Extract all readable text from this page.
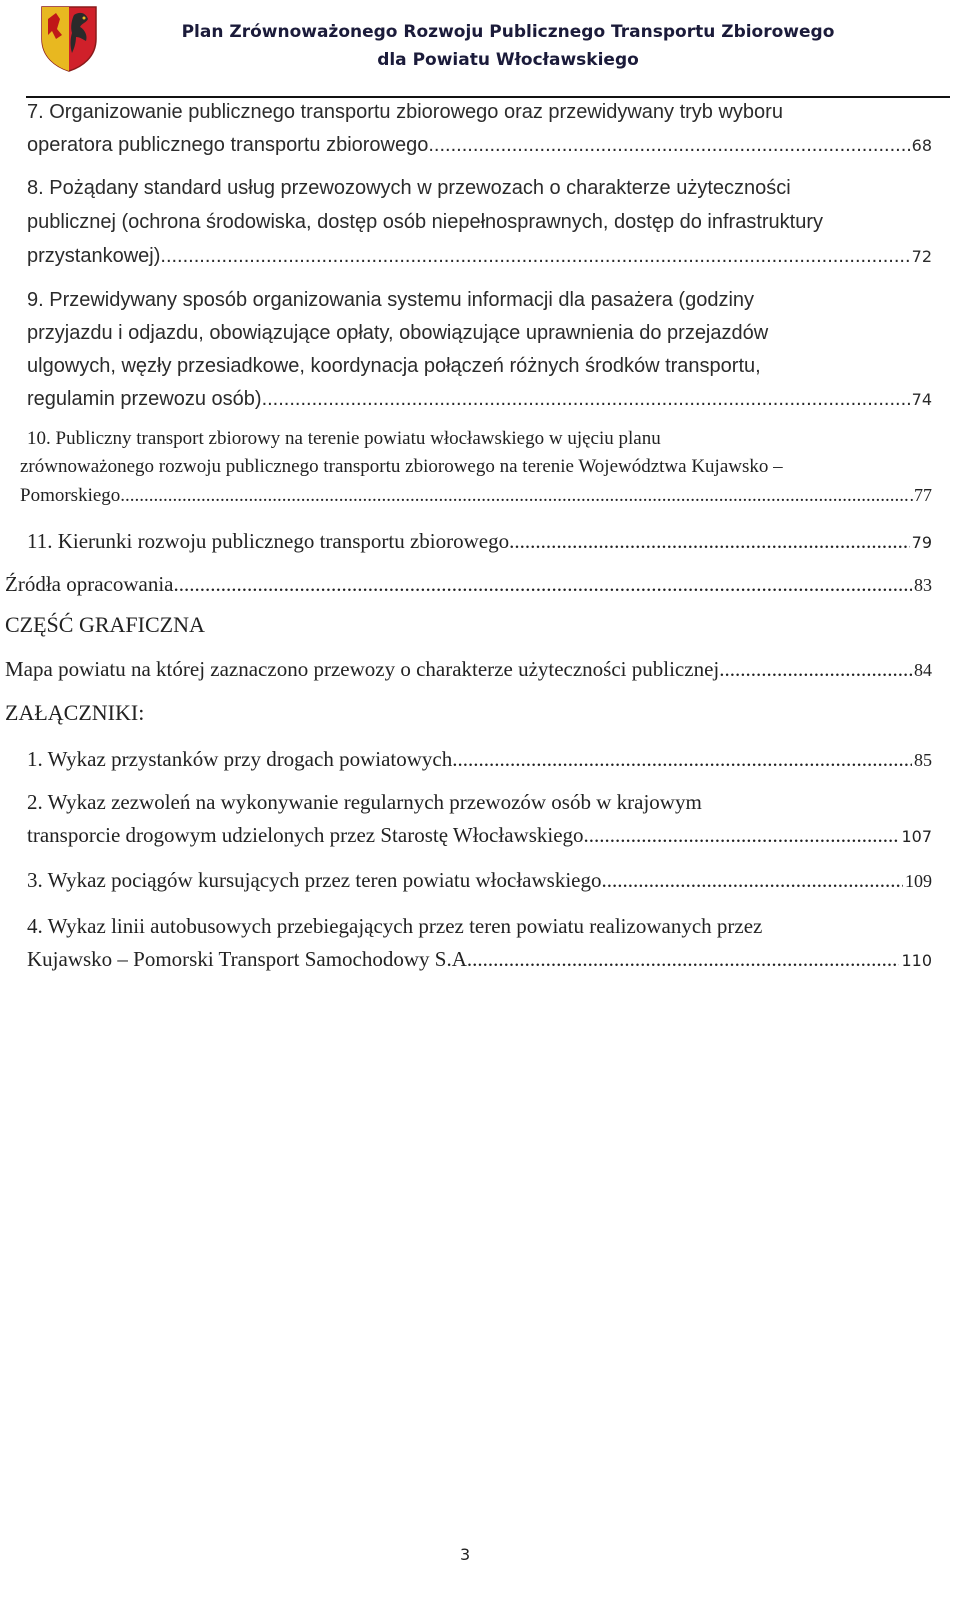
Plan Zrównoważonego Rozwoju Publicznego Transportu Zbiorowego
dla Powiatu Włocławskiego
7. Organizowanie publicznego transportu zbiorowego oraz przewidywany tryb wyboru
operatora publicznego transportu zbiorowego .....	68
8. Pożądany standard usług przewozowych w przewozach o charakterze użyteczności
publicznej (ochrona środowiska, dostęp osób niepełnosprawnych, dostęp do infrastruktury
przystankowej) .....	72
9. Przewidywany sposób organizowania systemu informacji dla pasażera (godziny
przyjazdu i odjazdu, obowiązujące opłaty, obowiązujące uprawnienia do przejazdów
ulgowych, węzły przesiadkowe, koordynacja połączeń różnych środków transportu,
regulamin przewozu osób) .....	74
10. Publiczny transport zbiorowy na terenie powiatu włocławskiego w ujęciu planu
zrównoważonego rozwoju publicznego transportu zbiorowego na terenie Województwa Kujawsko –
Pomorskiego .....	.77
11. Kierunki rozwoju publicznego transportu zbiorowego .....	79
Źródła opracowania .....	83
CZĘŚĆ GRAFICZNA
Mapa powiatu na której zaznaczono przewozy o charakterze użyteczności publicznej .....	84
ZAŁĄCZNIKI:
1. Wykaz przystanków przy drogach powiatowych .....	85
2. Wykaz zezwoleń na wykonywanie regularnych przewozów osób w krajowym
transporcie drogowym udzielonych przez Starostę Włocławskiego .....	107
3. Wykaz pociągów kursujących przez teren powiatu włocławskiego .....	109
4. Wykaz linii autobusowych przebiegających przez teren powiatu realizowanych przez
Kujawsko – Pomorski Transport Samochodowy S.A .....	110
3
